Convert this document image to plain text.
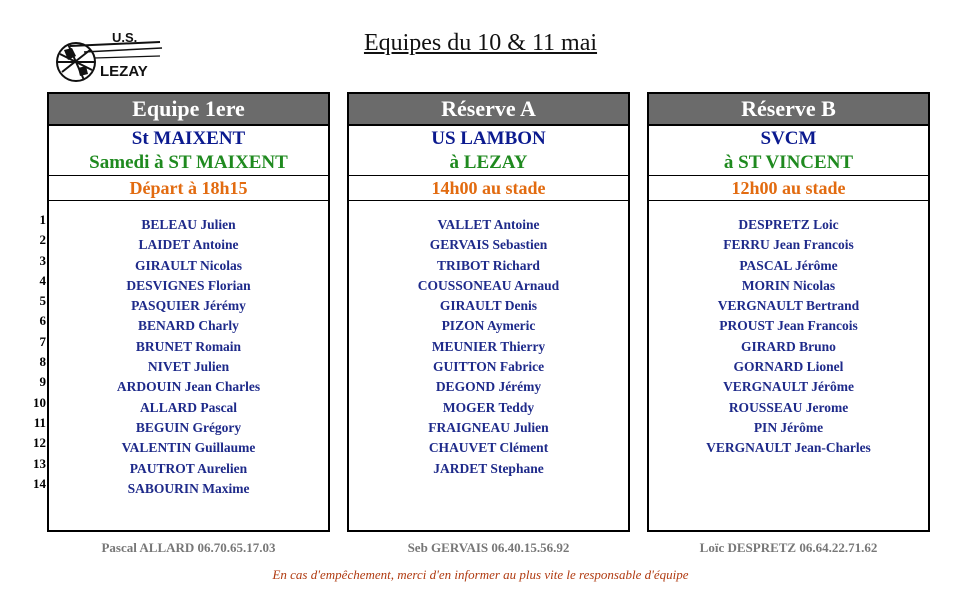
U.S.
LEZAY
Equipes du 10 & 11 mai
1
2
3
4
5
6
7
8
9
10
11
12
13
14
Equipe 1ere
St MAIXENT
Samedi à ST MAIXENT
Départ à 18h15
BELEAU Julien
LAIDET Antoine
GIRAULT Nicolas
DESVIGNES Florian
PASQUIER Jérémy
BENARD Charly
BRUNET Romain
NIVET Julien
ARDOUIN Jean Charles
ALLARD Pascal
BEGUIN Grégory
VALENTIN Guillaume
PAUTROT Aurelien
SABOURIN Maxime
Réserve A
US LAMBON
à LEZAY
14h00 au stade
VALLET Antoine
GERVAIS Sebastien
TRIBOT Richard
COUSSONEAU Arnaud
GIRAULT Denis
PIZON Aymeric
MEUNIER Thierry
GUITTON Fabrice
DEGOND Jérémy
MOGER Teddy
FRAIGNEAU Julien
CHAUVET Clément
JARDET Stephane
Réserve B
SVCM
à ST VINCENT
12h00 au stade
DESPRETZ Loic
FERRU Jean Francois
PASCAL Jérôme
MORIN Nicolas
VERGNAULT Bertrand
PROUST Jean Francois
GIRARD Bruno
GORNARD Lionel
VERGNAULT Jérôme
ROUSSEAU Jerome
PIN Jérôme
VERGNAULT Jean-Charles
Pascal ALLARD 06.70.65.17.03	Seb GERVAIS 06.40.15.56.92	Loïc DESPRETZ 06.64.22.71.62
En cas d'empêchement, merci d'en informer au plus vite le responsable d'équipe
